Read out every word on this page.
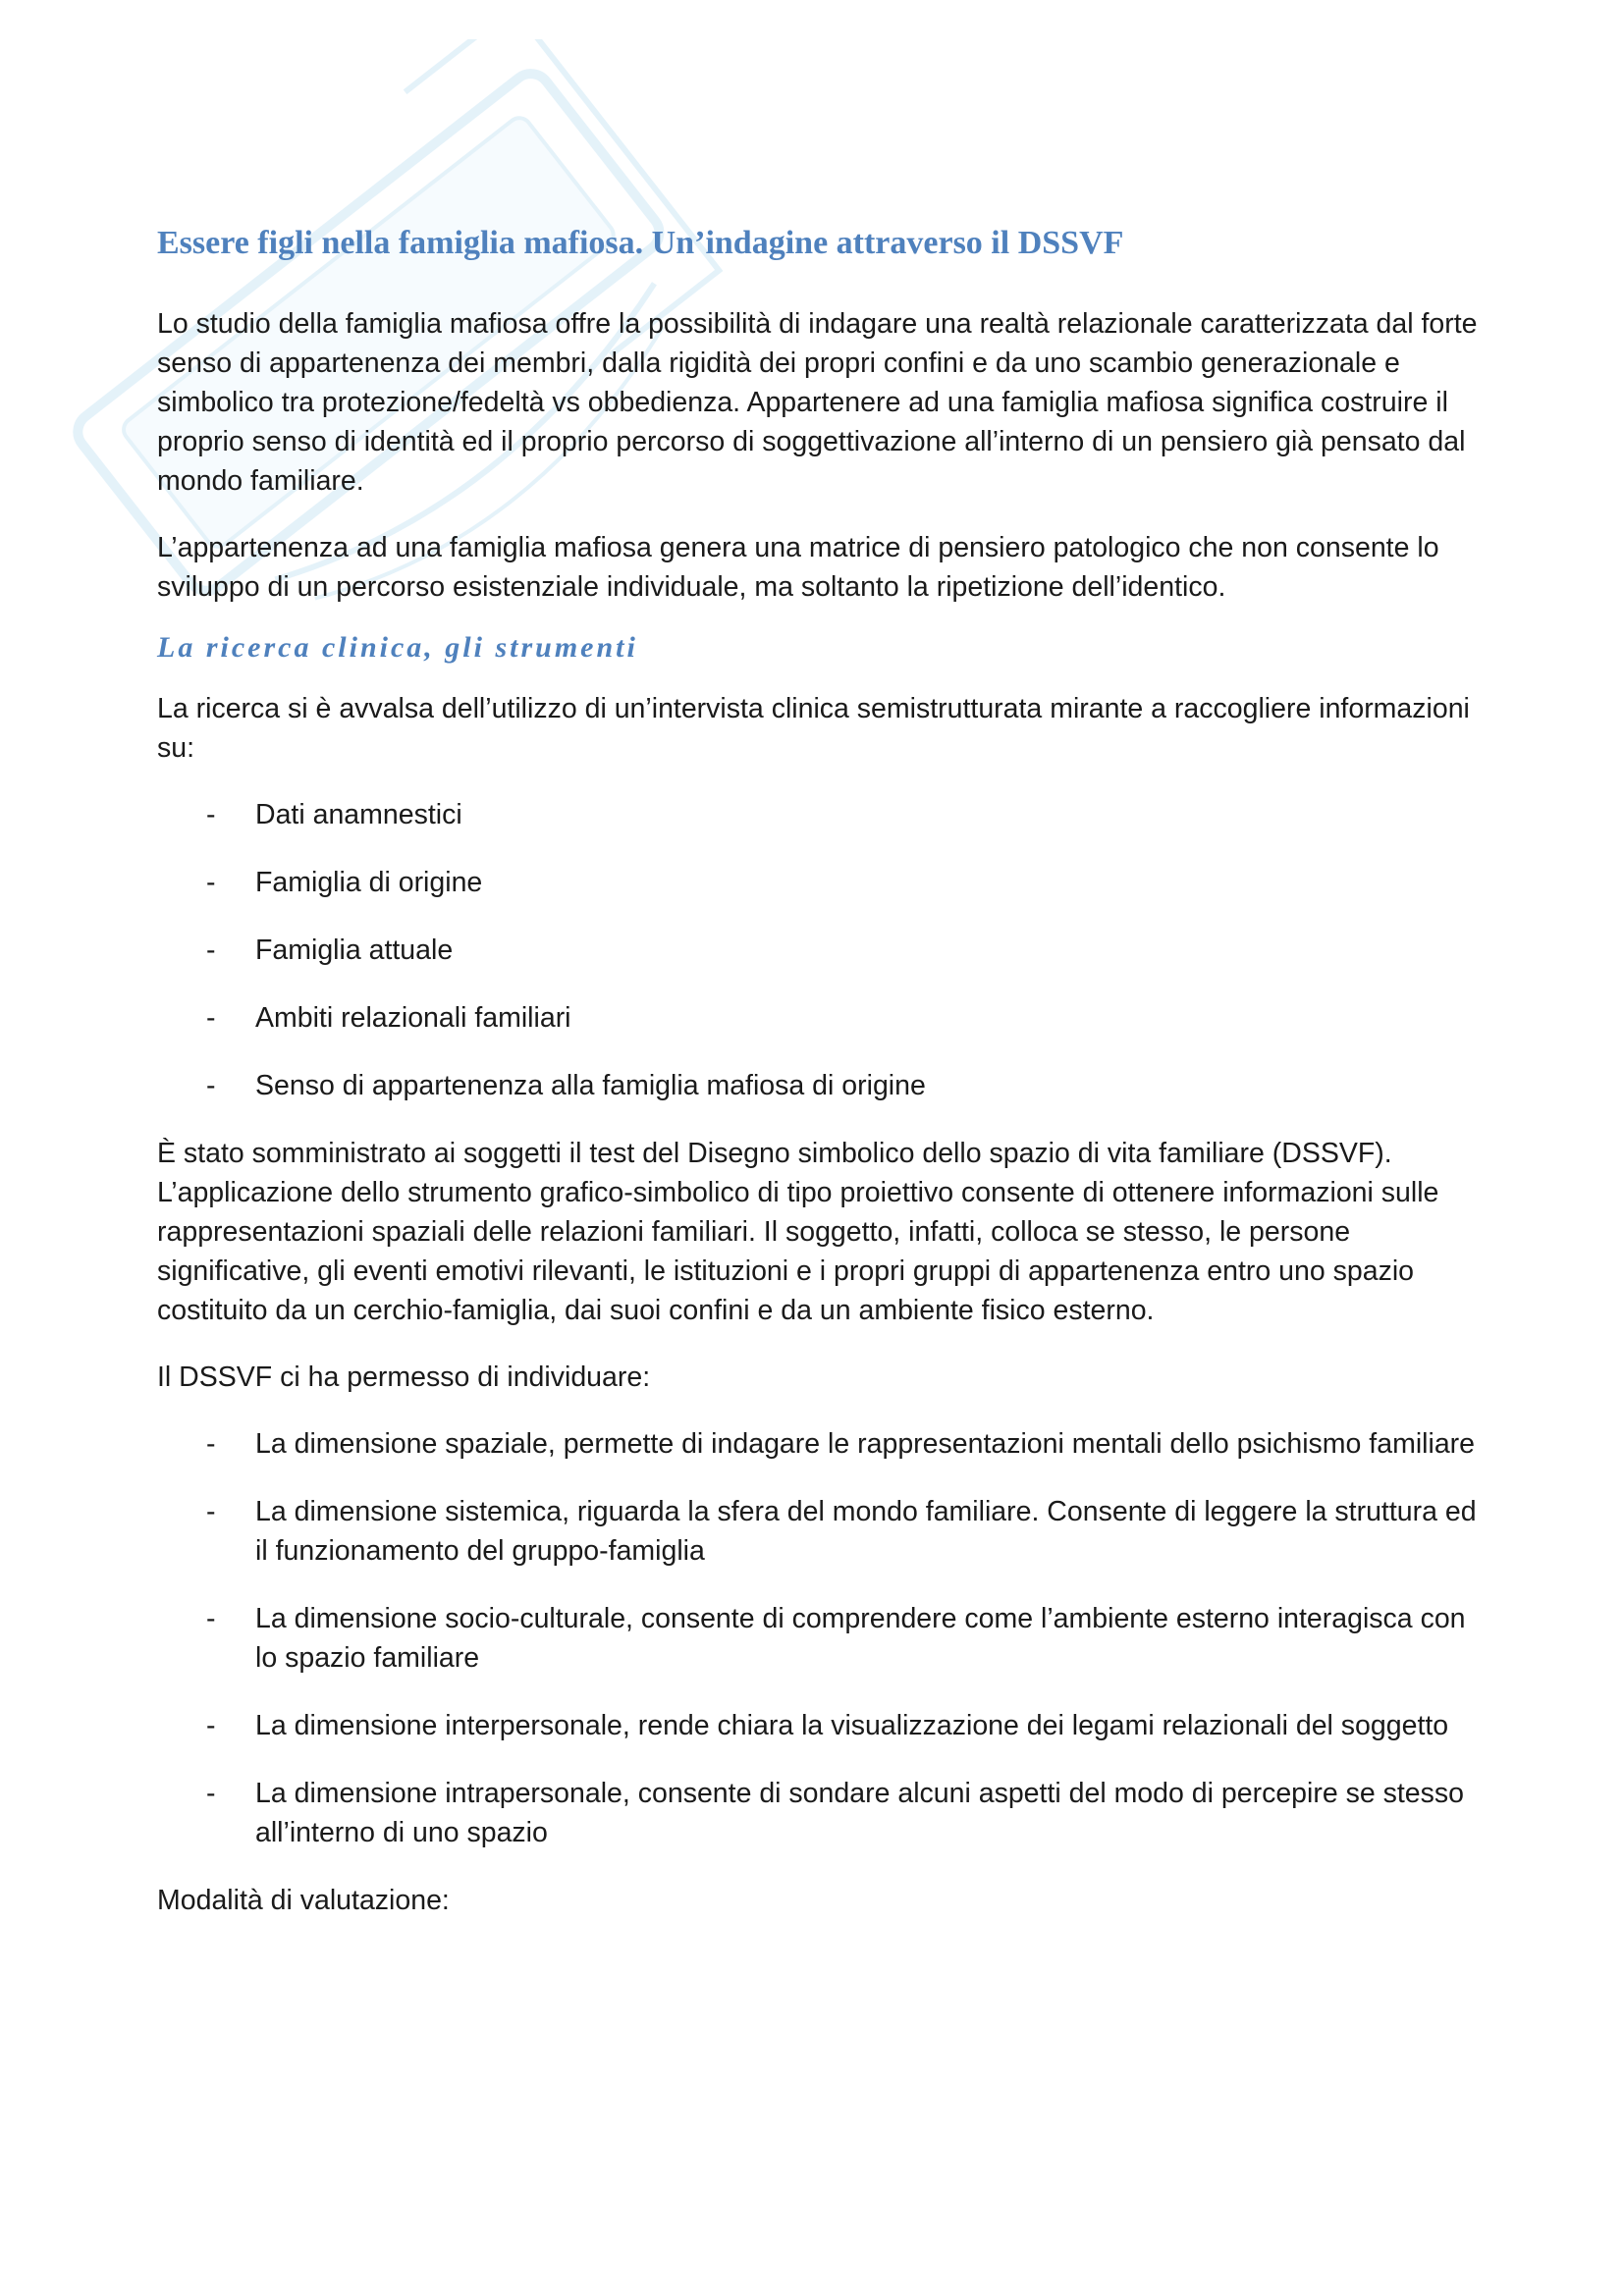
Essere figli nella famiglia mafiosa. Un’indagine attraverso il DSSVF

Lo studio della famiglia mafiosa offre la possibilità di indagare una realtà relazionale caratterizzata dal forte senso di appartenenza dei membri, dalla rigidità dei propri confini e da uno scambio generazionale e simbolico tra protezione/fedeltà vs obbedienza. Appartenere ad una famiglia mafiosa significa costruire il proprio senso di identità ed il proprio percorso di soggettivazione all’interno di un pensiero già pensato dal mondo familiare.

L’appartenenza ad una famiglia mafiosa genera una matrice di pensiero patologico che non consente lo sviluppo di un percorso esistenziale individuale, ma soltanto la ripetizione dell’identico.

La ricerca clinica, gli strumenti

La ricerca si è avvalsa dell’utilizzo di un’intervista clinica semistrutturata mirante a raccogliere informazioni su:

- Dati anamnestici
- Famiglia di origine
- Famiglia attuale
- Ambiti relazionali familiari
- Senso di appartenenza alla famiglia mafiosa di origine

È stato somministrato ai soggetti il test del Disegno simbolico dello spazio di vita familiare (DSSVF). L’applicazione dello strumento grafico-simbolico di tipo proiettivo consente di ottenere informazioni sulle rappresentazioni spaziali delle relazioni familiari. Il soggetto, infatti, colloca se stesso, le persone significative, gli eventi emotivi rilevanti, le istituzioni e i propri gruppi di appartenenza entro uno spazio costituito da un cerchio-famiglia, dai suoi confini e da un ambiente fisico esterno.

Il DSSVF ci ha permesso di individuare:

- La dimensione spaziale, permette di indagare le rappresentazioni mentali dello psichismo familiare
- La dimensione sistemica, riguarda la sfera del mondo familiare. Consente di leggere la struttura ed il funzionamento del gruppo-famiglia
- La dimensione socio-culturale, consente di comprendere come l’ambiente esterno interagisca con lo spazio familiare
- La dimensione interpersonale, rende chiara la visualizzazione dei legami relazionali del soggetto
- La dimensione intrapersonale, consente di sondare alcuni aspetti del modo di percepire se stesso all’interno di uno spazio

Modalità di valutazione:
